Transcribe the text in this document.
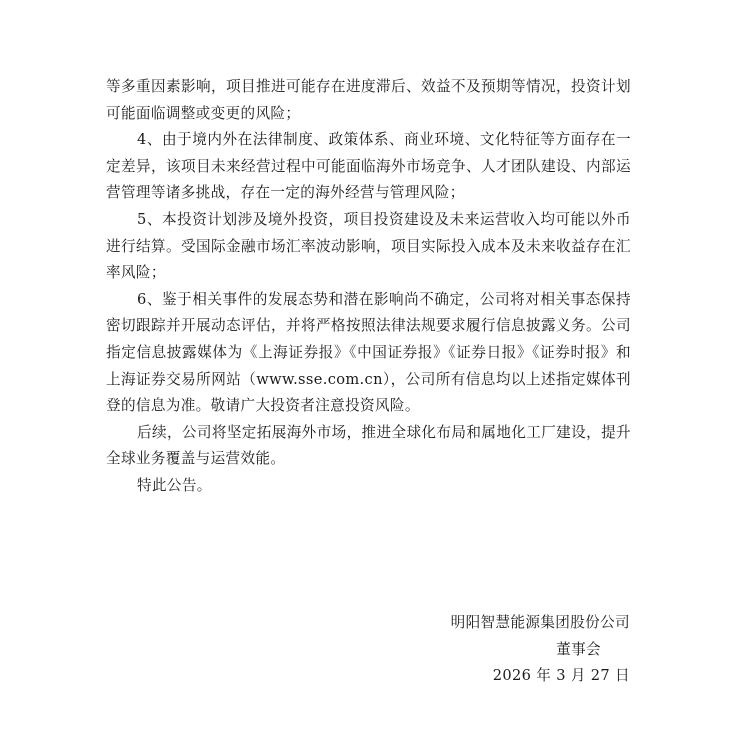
等多重因素影响，项目推进可能存在进度滞后、效益不及预期等情况，投资计划可能面临调整或变更的风险；

4、由于境内外在法律制度、政策体系、商业环境、文化特征等方面存在一定差异，该项目未来经营过程中可能面临海外市场竞争、人才团队建设、内部运营管理等诸多挑战，存在一定的海外经营与管理风险；

5、本投资计划涉及境外投资，项目投资建设及未来运营收入均可能以外币进行结算。受国际金融市场汇率波动影响，项目实际投入成本及未来收益存在汇率风险；

6、鉴于相关事件的发展态势和潜在影响尚不确定，公司将对相关事态保持密切跟踪并开展动态评估，并将严格按照法律法规要求履行信息披露义务。公司指定信息披露媒体为《上海证券报》《中国证券报》《证券日报》《证券时报》和上海证券交易所网站（www.sse.com.cn），公司所有信息均以上述指定媒体刊登的信息为准。敬请广大投资者注意投资风险。

后续，公司将坚定拓展海外市场，推进全球化布局和属地化工厂建设，提升全球业务覆盖与运营效能。

特此公告。

明阳智慧能源集团股份公司

董事会

2026 年 3 月 27 日
